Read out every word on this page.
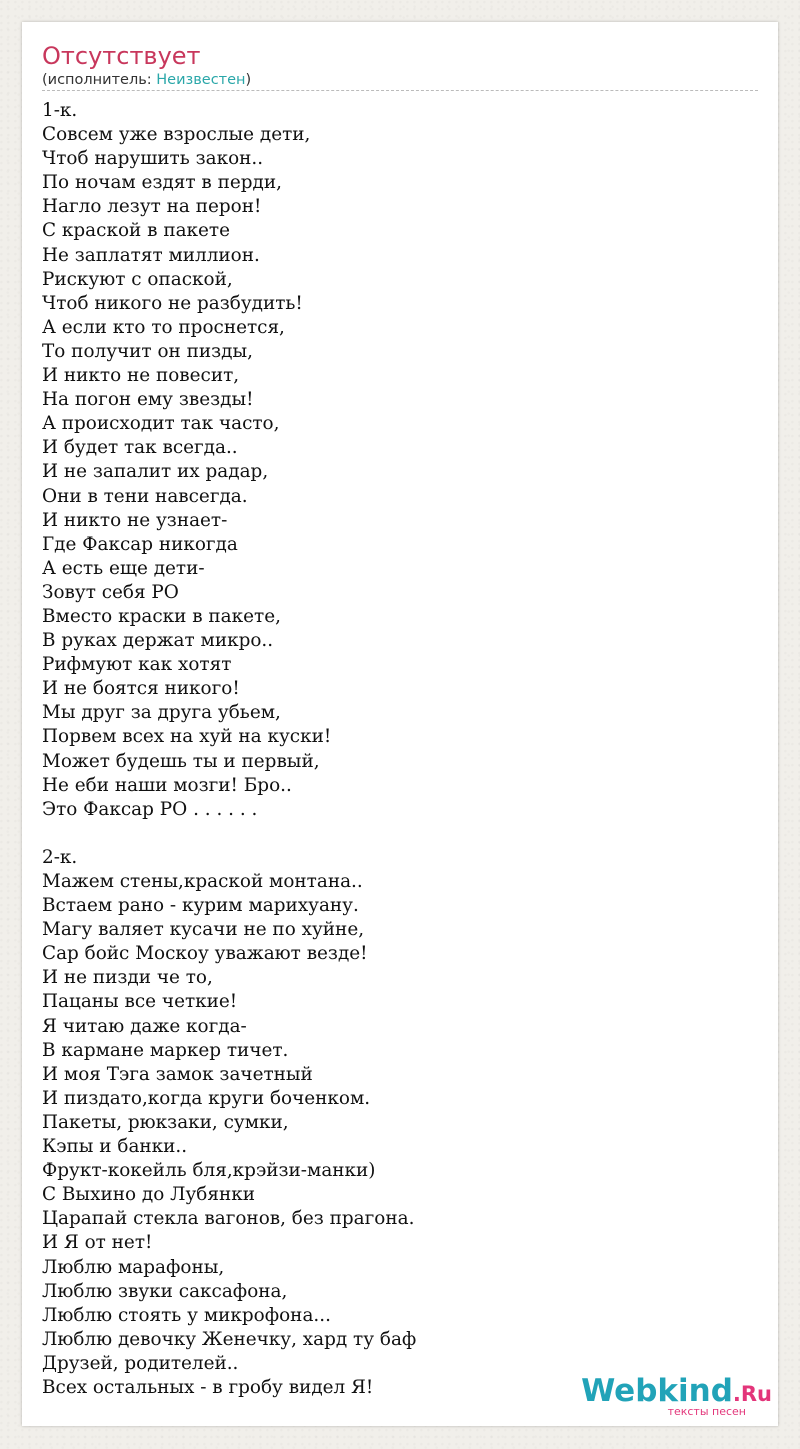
Отсутствует
(исполнитель: Неизвестен)
1-к.
Совсем уже взрослые дети,
Чтоб нарушить закон..
По ночам ездят в перди,
Нагло лезут на перон!
С краской в пакете
Не заплатят миллион.
Рискуют с опаской,
Чтоб никого не разбудить!
А если кто то проснется,
То получит он пизды,
И никто не повесит,
На погон ему звезды!
А происходит так часто,
И будет так всегда..
И не запалит их радар,
Они в тени навсегда.
И никто не узнает-
Где Факсар никогда
А есть еще дети-
Зовут себя РО
Вместо краски в пакете,
В руках держат микро..
Рифмуют как хотят
И не боятся никого!
Мы друг за друга убьем,
Порвем всех на хуй на куски!
Может будешь ты и первый,
Не еби наши мозги! Бро..
Это Факсар РО . . . . . .
2-к.
Мажем стены,краской монтана..
Встаем рано - курим марихуану.
Магу валяет кусачи не по хуйне,
Сар бойс Москоу уважают везде!
И не пизди че то,
Пацаны все четкие!
Я читаю даже когда-
В кармане маркер тичет.
И моя Тэга замок зачетный
И пиздато,когда круги боченком.
Пакеты, рюкзаки, сумки,
Кэпы и банки..
Фрукт-кокейль бля,крэйзи-манки)
С Выхино до Лубянки
Царапай стекла вагонов, без прагона.
И Я от нет!
Люблю марафоны,
Люблю звуки саксафона,
Люблю стоять у микрофона...
Люблю девочку Женечку, хард ту баф
Друзей, родителей..
Всех остальных - в гробу видел Я!	Webkind.Ru
тексты песен
